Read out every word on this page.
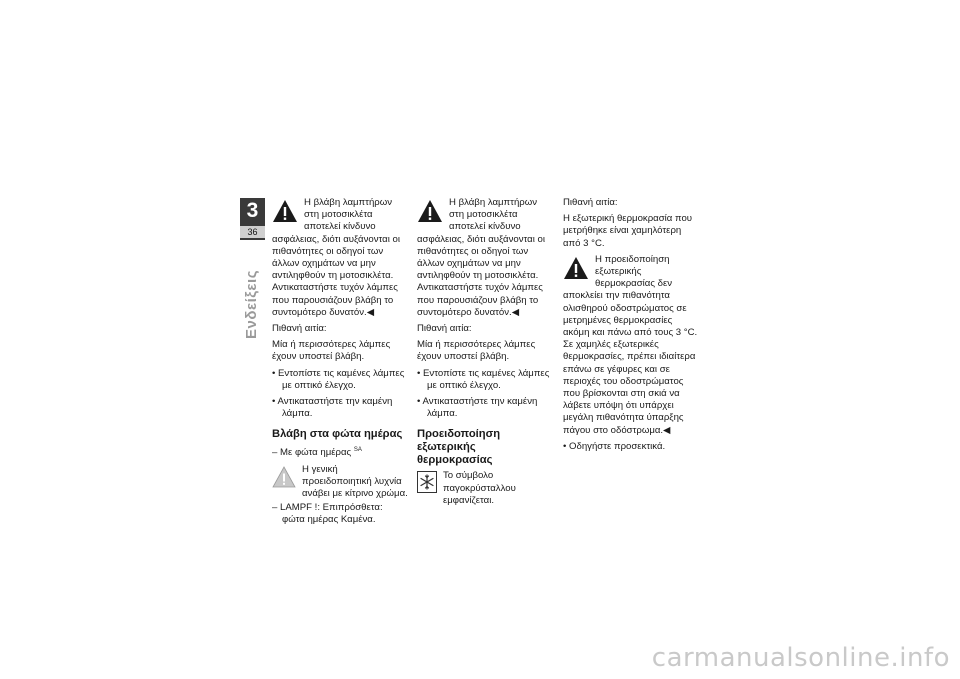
3
36
Ενδείξεις

Η βλάβη λαμπτήρων στη μοτοσικλέτα αποτελεί κίνδυνο ασφάλειας, διότι αυξάνονται οι πιθανότητες οι οδηγοί των άλλων οχημάτων να μην αντιληφθούν τη μοτοσικλέτα. Αντικαταστήστε τυχόν λάμπες που παρουσιάζουν βλάβη το συντομότερο δυνατόν.◀

Πιθανή αιτία:

Μία ή περισσότερες λάμπες έχουν υποστεί βλάβη.

• Εντοπίστε τις καμένες λάμπες με οπτικό έλεγχο.

• Αντικαταστήστε την καμένη λάμπα.

Βλάβη στα φώτα ημέρας

– Με φώτα ημέρας $^{SA}$

Η γενική προειδοποιητική λυχνία ανάβει με κίτρινο χρώμα.

– LAMPF !: Επιπρόσθετα: φώτα ημέρας Καμένα.

Η βλάβη λαμπτήρων στη μοτοσικλέτα αποτελεί κίνδυνο ασφάλειας, διότι αυξάνονται οι πιθανότητες οι οδηγοί των άλλων οχημάτων να μην αντιληφθούν τη μοτοσικλέτα. Αντικαταστήστε τυχόν λάμπες που παρουσιάζουν βλάβη το συντομότερο δυνατόν.◀

Πιθανή αιτία:

Μία ή περισσότερες λάμπες έχουν υποστεί βλάβη.

• Εντοπίστε τις καμένες λάμπες με οπτικό έλεγχο.

• Αντικαταστήστε την καμένη λάμπα.

Προειδοποίηση εξωτερικής θερμοκρασίας

Το σύμβολο παγοκρύσταλλου εμφανίζεται.

Πιθανή αιτία:

Η εξωτερική θερμοκρασία που μετρήθηκε είναι χαμηλότερη από 3 °C.

Η προειδοποίηση εξωτερικής θερμοκρασίας δεν αποκλείει την πιθανότητα ολισθηρού οδοστρώματος σε μετρημένες θερμοκρασίες ακόμη και πάνω από τους 3 °C. Σε χαμηλές εξωτερικές θερμοκρασίες, πρέπει ιδιαίτερα επάνω σε γέφυρες και σε περιοχές του οδοστρώματος που βρίσκονται στη σκιά να λάβετε υπόψη ότι υπάρχει μεγάλη πιθανότητα ύπαρξης πάγου στο οδόστρωμα.◀

• Οδηγήστε προσεκτικά.

carmanualsonline.info
